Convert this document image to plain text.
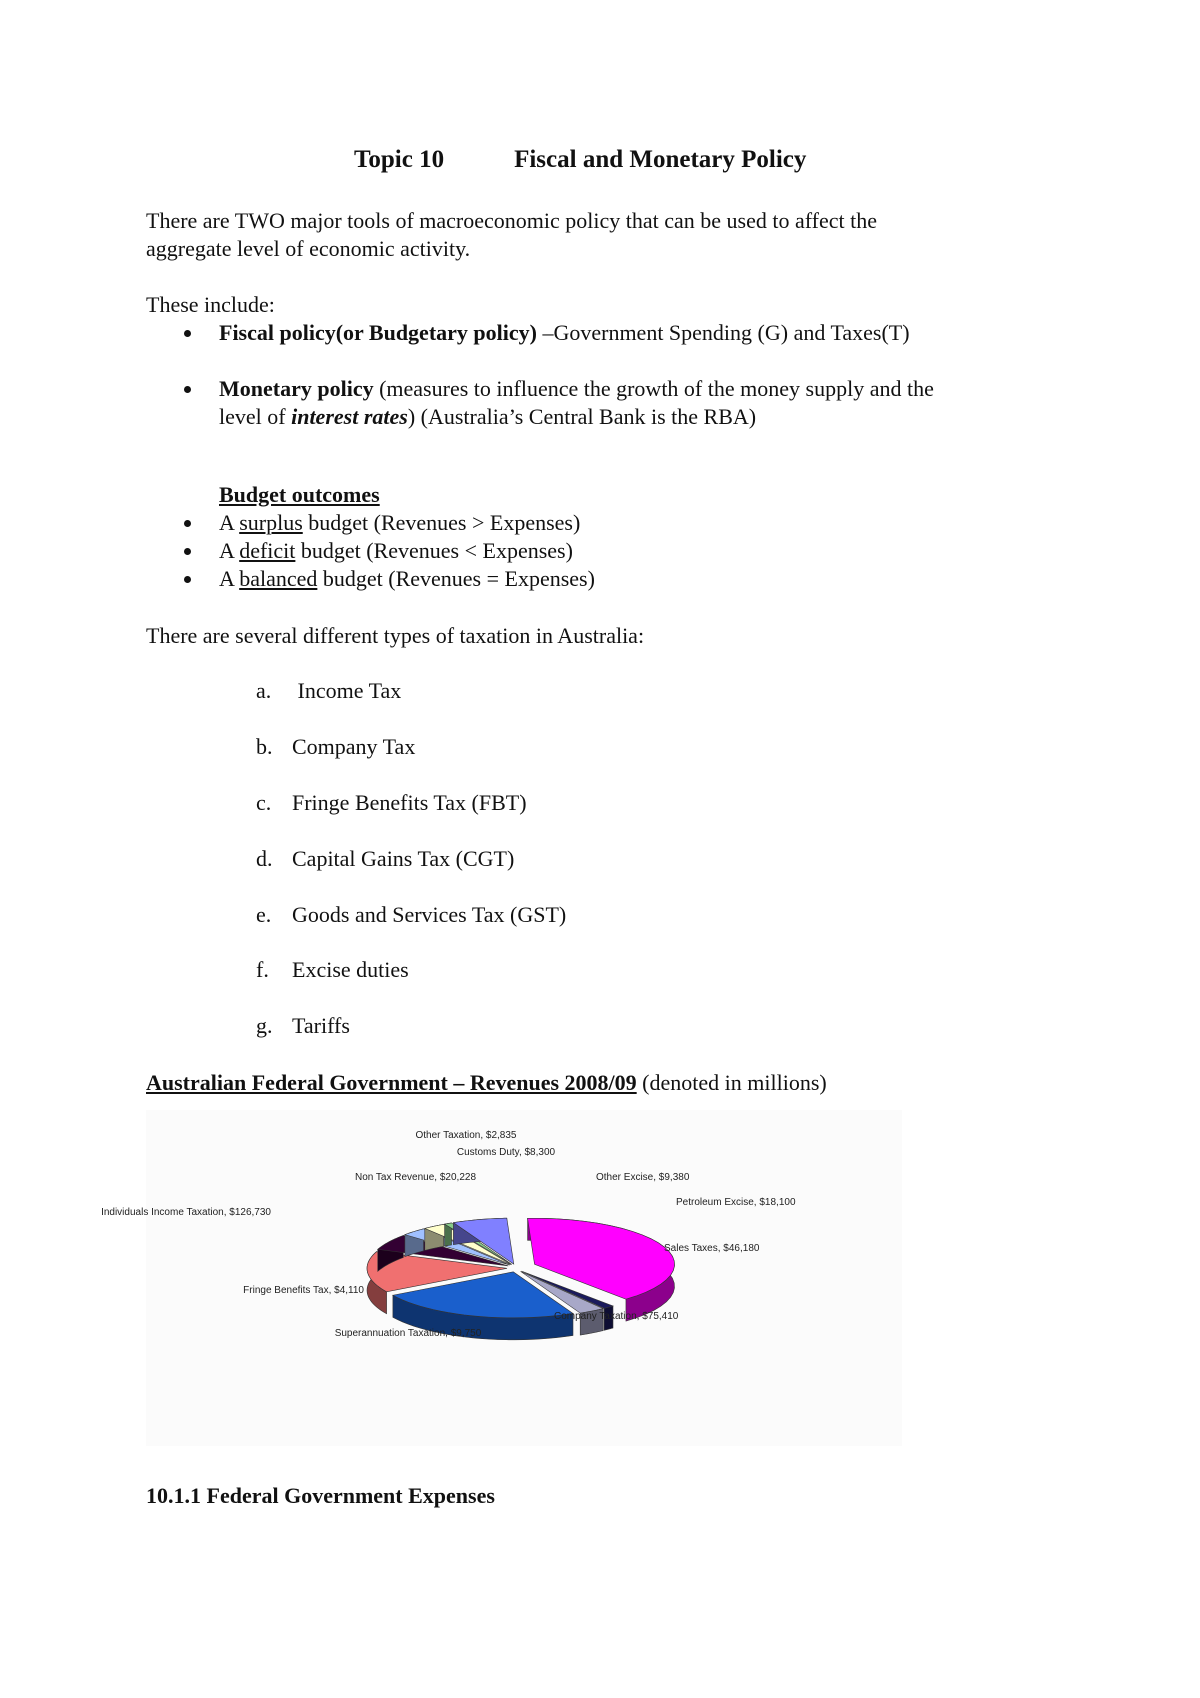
Topic 10	Fiscal and Monetary Policy

There are TWO major tools of macroeconomic policy that can be used to affect the

aggregate level of economic activity.

These include:

Fiscal policy(or Budgetary policy) –Government Spending (G) and Taxes(T)
Monetary policy (measures to influence the growth of the money supply and the
level of interest rates) (Australia’s Central Bank is the RBA)

Budget outcomes

A surplus budget (Revenues > Expenses)
A deficit budget (Revenues < Expenses)
A balanced budget (Revenues = Expenses)

There are several different types of taxation in Australia:

a. Income Tax
b. Company Tax
c. Fringe Benefits Tax (FBT)
d. Capital Gains Tax (CGT)
e. Goods and Services Tax (GST)
f. Excise duties
g. Tariffs

Australian Federal Government – Revenues 2008/09 (denoted in millions)

Individuals Income Taxation, $126,730
Fringe Benefits Tax, $4,110
Superannuation Taxation, $9,750
Company Taxation, $75,410
Sales Taxes, $46,180
Petroleum Excise, $18,100
Other Excise, $9,380
Customs Duty, $8,300
Other Taxation, $2,835
Non Tax Revenue, $20,228

10.1.1 Federal Government Expenses
